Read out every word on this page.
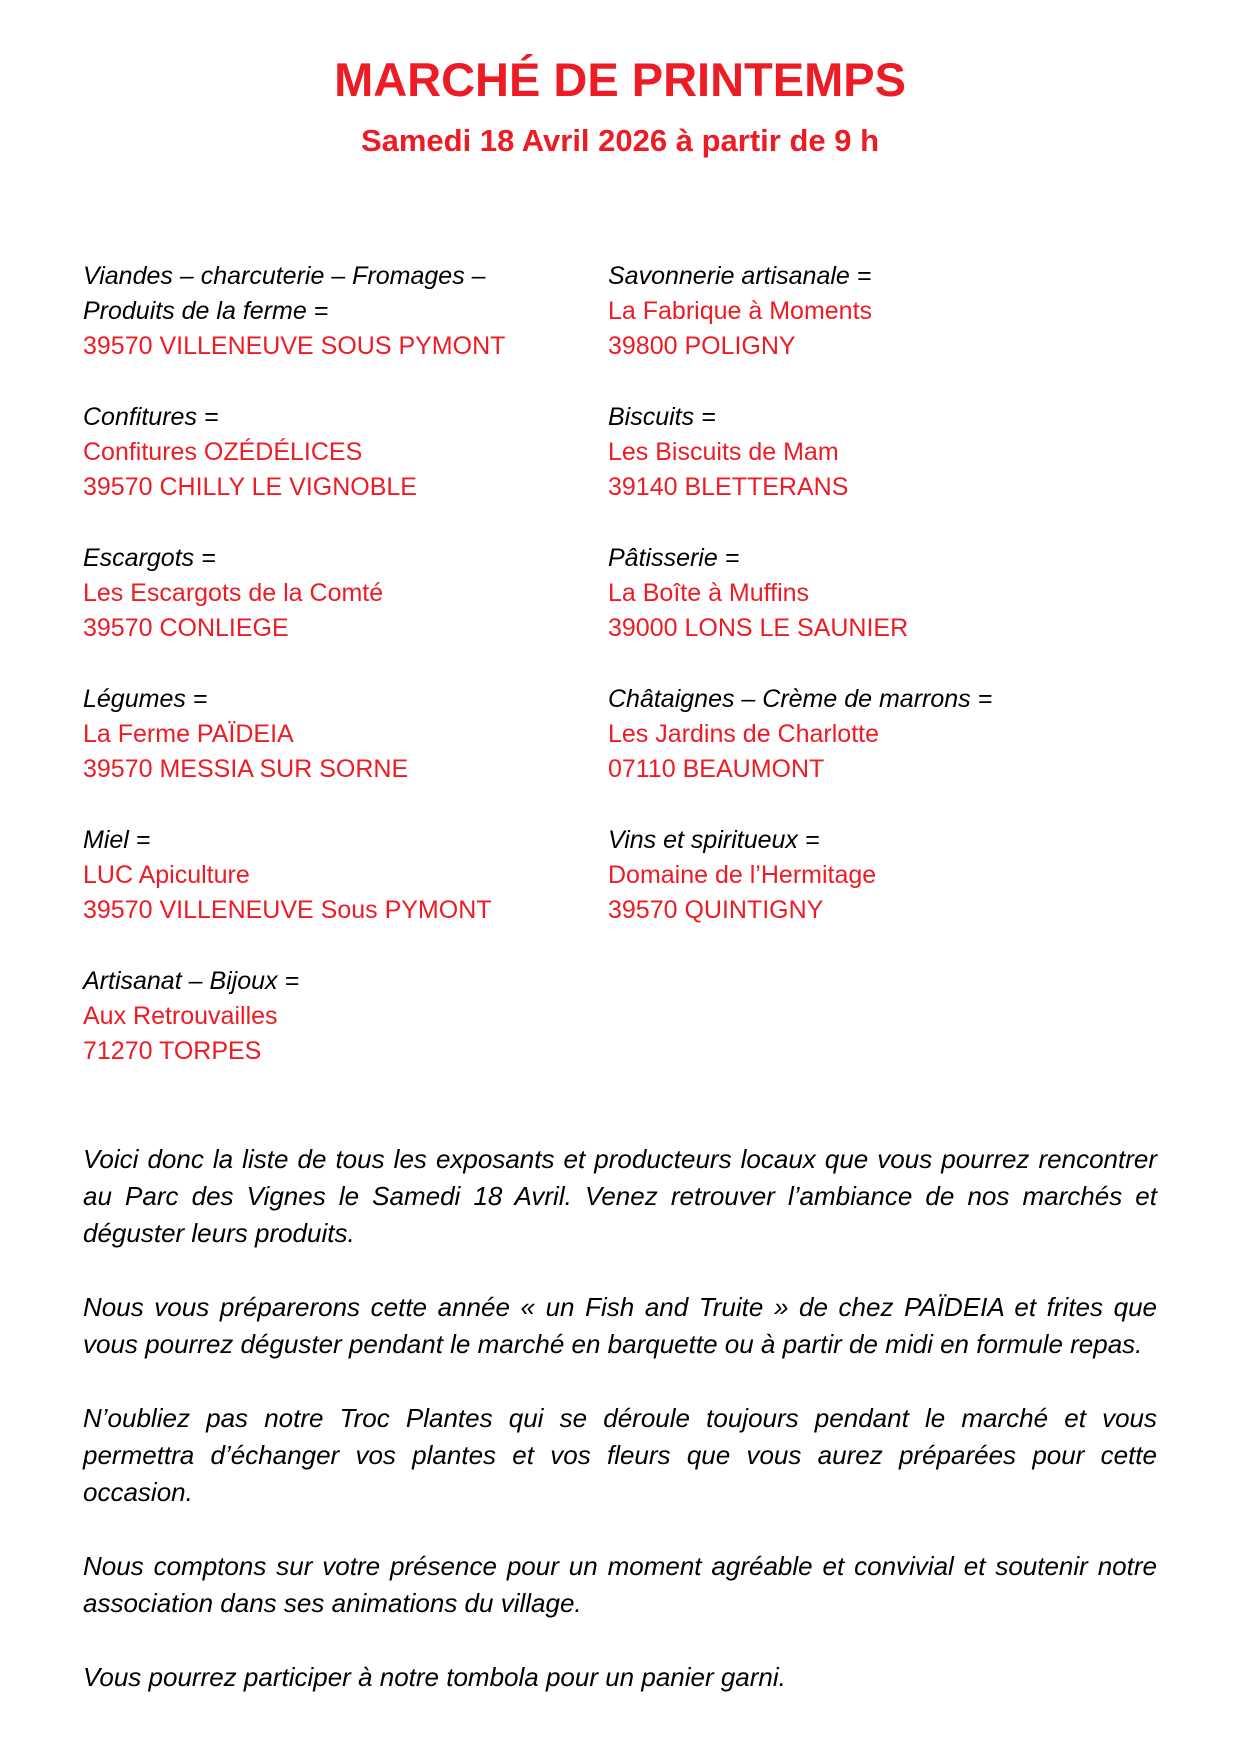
MARCHÉ DE PRINTEMPS
Samedi 18 Avril 2026 à partir de 9 h
Viandes – charcuterie – Fromages – Produits de la ferme =
39570 VILLENEUVE SOUS PYMONT
Confitures =
Confitures OZÉDÉLICES
39570 CHILLY LE VIGNOBLE
Escargots =
Les Escargots de la Comté
39570 CONLIEGE
Légumes =
La Ferme PAÏDEIA
39570 MESSIA SUR SORNE
Miel =
LUC Apiculture
39570 VILLENEUVE Sous PYMONT
Artisanat – Bijoux =
Aux Retrouvailles
71270 TORPES
Savonnerie artisanale =
La Fabrique à Moments
39800 POLIGNY
Biscuits =
Les Biscuits de Mam
39140 BLETTERANS
Pâtisserie =
La Boîte à Muffins
39000 LONS LE SAUNIER
Châtaignes – Crème de marrons =
Les Jardins de Charlotte
07110 BEAUMONT
Vins et spiritueux =
Domaine de l’Hermitage
39570 QUINTIGNY

Voici donc la liste de tous les exposants et producteurs locaux que vous pourrez rencontrer au Parc des Vignes le Samedi 18 Avril. Venez retrouver l’ambiance de nos marchés et déguster leurs produits.

Nous vous préparerons cette année « un Fish and Truite » de chez PAÏDEIA et frites que vous pourrez déguster pendant le marché en barquette ou à partir de midi en formule repas.

N’oubliez pas notre Troc Plantes qui se déroule toujours pendant le marché et vous permettra d’échanger vos plantes et vos fleurs que vous aurez préparées pour cette occasion.

Nous comptons sur votre présence pour un moment agréable et convivial et soutenir notre association dans ses animations du village.

Vous pourrez participer à notre tombola pour un panier garni.
